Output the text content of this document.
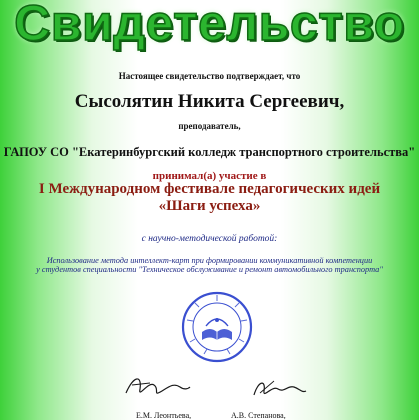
Свидетельство
Настоящее свидетельство подтверждает, что
Сысолятин Никита Сергеевич,
преподаватель,
ГАПОУ СО "Екатеринбургский колледж транспортного строительства"
принимал(а) участие в
I Международном фестивале педагогических идей
«Шаги успеха»
с научно-методической работой:
Использование метода интеллект-карт при формировании коммуникативной компетенции
у студентов специальности "Техническое обслуживание и ремонт автомобильного транспорта"
Е.М. Леонтьева,	А.В. Степанова,
